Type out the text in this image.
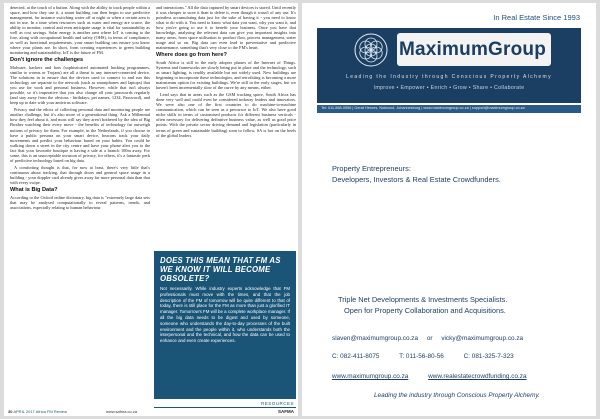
detected, at the touch of a button. Along with the ability to track people within a space, and how they use it, a smart building can then begin to use predictive management, for instance switching water off at night or when a certain area is not in use. In a time when resources such as water and energy are scarce, the ability to monitor, control and even anticipate usage is vital for sustainability as well as cost savings. Solar energy is another area where IoT is coming to the fore, along with occupational health and safety (OHS), in terms of compliance, as well as functional requirements, your smart building can ensure you know where your plants are. In short, from creating experiences to green building monitoring and sustainability, IoT is the future of FM.

Don't ignore the challenges

Malware, hackers and bots (sophisticated automated hacking programmes, similar to worms or Trojans) are all a threat to any internet-connected device. The solutions in to ensure that the devices used to connect to and run this technology are separate to the network (such as smartphones and laptops) that you use for work and personal business. However, while that isn't always possible, so it's imperative that you also change all your passwords regularly (and stay away from the obvious - birthdays, pet names, 1234, Password), and keep up to date with your antivirus software.

Privacy and the ethics of collecting personal data and monitoring people are another challenge, but it's also more of a generational thing. Ask a Millennial how they feel about it, and most will say they aren't bothered by the idea of Big Brother watching their every move - the benefits of technology far outweigh notions of privacy for them. For example, in the Netherlands, if you choose to have a public persona on your smart device, beacons track your daily movements and predict your behaviour based on your habits. You could be walking down a street in the city centre and have your phone alert you to the fact that your favourite boutique is having a sale at a branch 100m away. For some, this is an unacceptable invasion of privacy, for others, it's a fantastic perk of predictive technology based on big data.

A comforting thought is that, for now at least, there's very little that's continuous about tracking, that through doors and general space usage in a building - your doppler card already gives away far more personal data than that with every swipe.

What is Big Data?

According to the Oxford online dictionary, big data is "extremely large data sets that may be analysed computationally to reveal patterns, trends, and associations, especially relating to human behaviour

and interactions." All the data captured by smart devices is stored. Until recently it was cheaper to store it than to delete it, even though it wasn't of any use. It's pointless accumulating data just for the sake of having it - you need to know what to do with it. You need to know what data you want, why you want it, and how you're going to use it to benefit your business. Once you have that knowledge, analysing the relevant data can give you important insights into many areas, from space utilisation to product flow, process management, water usage and so on. Big data can even lead to preventative and predictive maintenance, something that's very close to the FM's heart.

Where does go from here?

South Africa is still in the early adopter phases of the Internet of Things. Systems and frameworks are slowly being put in place and the technology, such as smart lighting, is readily available but not widely used. New buildings are beginning to incorporate these technologies, and retrofitting is becoming a more mainstream option for existing buildings. We're still in the early stages, but we haven't been incrementally slow of the curve by any means, either.

Lead says that in areas such as the GSM tracking space, South Africa has done very well and could even be considered industry leaders and innovators. We were also one of the first countries to do machine-to-machine communication, which can be seen as a precursor to IoT. We also have good niche skills in terms of customised products for different business verticals - often necessary for delivering definitive business value, as well as good price points. With the private sector driving demand and legislation (particularly in terms of green and sustainable building) soon to follow, SA is hot on the heels of the global leaders.

DOES THIS MEAN THAT FM AS WE KNOW IT WILL BECOME OBSOLETE?
Not necessarily. While industry experts acknowledge that FM professionals must move with the times, and that the job description of the FM of tomorrow will be quite different to that of today, there is still place for the FM as more than just a glorified IT manager. Tomorrow's FM will be a complete workplace manager. If all the big data needs to be digest and used by someone, someone who understands the day-to-day processes of the built environment and the people within it, who understands both the interpersonal and the technical, and how the data can be used to enhance and even create experiences.
RESOURCES
SAFMA
30 APRIL 2017 Africa FM Review	www.safma.co.za
In Real Estate Since 1993
MaximumGroup
Leading the Industry through Conscious Property Alchemy
Improve • Empower • Enrich • Grow • Share • Collaborate
Tel: 011-568-0556 | Gerat Heroes, Nolwood, Johannesburg | www.maximumgroup.co.za | support@maximumgroup.co.za
Property Entrepreneurs:
Developers, Investors & Real Estate Crowdfunders.
Triple Net Developments & Investments Specialists.
Open for Property Collaboration and Acquisitions.
slaven@maximumgroup.co.za or vicky@maximumgroup.co.za
C: 082-411-8075	T: 011-56-80-56	C: 081-325-7-323
www.maximumgroup.co.za	www.realestatecrowdfunding.co.za
Leading the industry through Conscious Property Alchemy.
